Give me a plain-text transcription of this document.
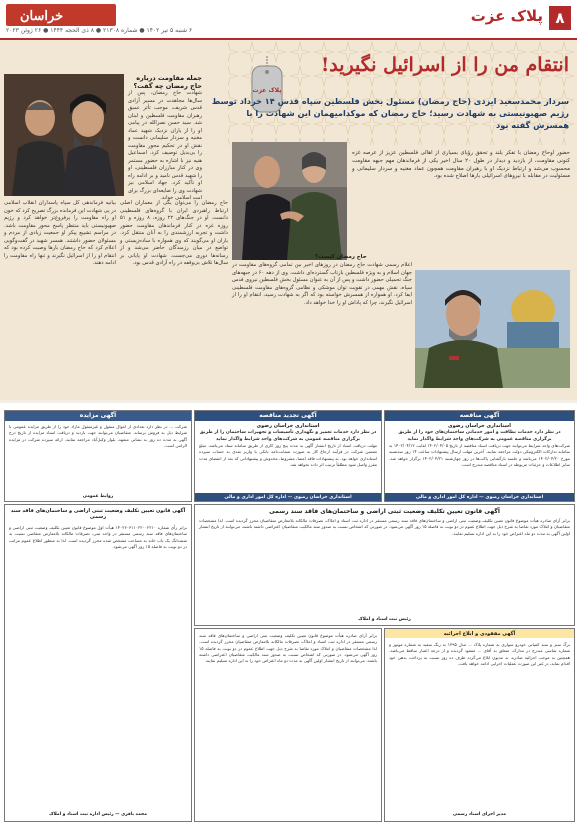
۸
پلاک عزت
خراسان
۶ شنبه ۵ تیر ۱۴۰۲ ● شماره ۲۱۳۰۸ ● ۸ ذی الحجه ۱۴۴۴ ● ۲۶ ژوئن ۲۰۲۳
انتقام من را از اسرائیل نگیرید!
پلاک عزت
سردار محمدسعید ایزدی (حاج رمضان) مسئول بخش فلسطین سپاه قدس ۱۴ خرداد توسط رژیم صهیونیستی به شهادت رسید؛ حاج رمضان که موکدامیهمان این شهادت را با همسرش گفته بود
حضور اوحاج رمضان با تفکر بلند و تحقق رؤیای بسیاری از اهالی فلسطین عزیز از عرصه غزه کنونی مقاومت، از بازدید و دیدار در طول ۲۰ سال اخیر یکی از فرماندهان مهم جبهه مقاومت محسوب می‌شد و ارتباط نزدیک او با رهبران مقاومت همچون عماد مغنیه و سردار سلیمانی و مسئولیت در مقابله با نیروهای اسرائیلی بارها اصلاح شده بود.
حاج رمضان کیست؟
اعلام رسمی شهادت حاج رمضان در روزهای اخیر بین تمامی گروه‌های مقاومت در جهان اسلام و به ویژه فلسطین بازتاب گسترده‌ای داشت. وی از دهه ۶۰ در جبهه‌های جنگ تحمیلی حضور داشت و پس از آن به عنوان مسئول بخش فلسطین نیروی قدس سپاه، نقش مهمی در تقویت توان موشکی و نظامی گروه‌های مقاومت فلسطینی ایفا کرد. او همواره از همسرش خواسته بود که اگر به شهادت رسید، انتقام او را از اسرائیل نگیرند، چرا که پاداش او را خدا خواهد داد.
جمله مقاومت درباره حاج رمضان چه گفت؟
شهادت حاج رمضان، پس از سال‌ها مجاهدت در مسیر آزادی قدس شریف، موجب تأثر عمیق رهبران مقاومت فلسطین و لبنان شد. سید حسن نصرالله در پیامی او را از یاران نزدیک شهید عماد مغنیه و سردار سلیمانی دانست و نقش او در تحکیم محور مقاومت را بی‌بدیل توصیف کرد. اسماعیل هنیه نیز با اشاره به حضور مستمر وی در کنار مبارزان فلسطینی، او را شهید قدس نامید و بر ادامه راه او تأکید کرد. جهاد اسلامی نیز شهادت وی را ضایعه‌ای بزرگ برای امت اسلامی خواند.
بیانیه فرماندهی کل سپاه پاسداران انقلاب اسلامی در پی شهادت این فرمانده بزرگ تصریح کرد که خون او راه مقاومت را پرفروغ‌تر خواهد کرد و رژیم صهیونیستی باید منتظر پاسخ محور مقاومت باشد. در مراسم تشییع پیکر او جمعیت زیادی از مردم و مسئولان حضور داشتند. همسر شهید در گفت‌وگویی اعلام کرد که حاج رمضان بارها وصیت کرده بود که انتقام او را از اسرائیل نگیرند و تنها راه مقاومت را ادامه دهند.
حاج رمضان را می‌توان یکی از معماران اصلی ارتباط راهبردی ایران با گروه‌های فلسطینی دانست. او در جنگ‌های ۲۲ روزه، ۸ روزه و ۵۱ روزه غزه در کنار فرماندهان مقاومت حضور داشت و تجربه ارزشمندی را به آنان منتقل کرد. یاران او می‌گویند که وی همواره با ساده‌زیستی و تواضع در میان رزمندگان حاضر می‌شد و از رسانه‌ها دوری می‌جست. شهادت او پایانی بر سال‌ها تلاش بی‌وقفه در راه آزادی قدس بود.
آگهی مزایده
شرکت ... در نظر دارد تعدادی از اموال منقول و غیرمنقول مازاد خود را از طریق مزایده عمومی با شرایط ذیل به فروش برساند. متقاضیان می‌توانند جهت بازدید و دریافت اسناد مزایده از تاریخ درج آگهی به مدت ده روز به نشانی مشهد، بلوار وکیل‌آباد مراجعه نمایند. ارائه سپرده شرکت در مزایده الزامی است.
روابط عمومی
آگهی تجدید مناقصه
استانداری خراسان رضوی
در نظر دارد خدمات تعمیر و نگهداری تأسیسات و تجهیزات ساختمان را از طریق برگزاری مناقصه عمومی به شرکت‌های واجد شرایط واگذار نماید
مهلت دریافت اسناد از تاریخ انتشار آگهی به مدت پنج روز کاری از طریق سامانه ستاد می‌باشد. مبلغ تضمین شرکت در فرآیند ارجاع کار به صورت ضمانت‌نامه بانکی یا واریز نقدی به حساب سپرده استانداری خواهد بود. به پیشنهادات فاقد امضا، مشروط، مخدوش و پیشنهاداتی که بعد از انقضای مدت مقرر واصل شود مطلقاً ترتیب اثر داده نخواهد شد.
استانداری خراسان رضوی — اداره کل امور اداری و مالی
آگهی مناقصه
استانداری خراسان رضوی
در نظر دارد خدمات نظافت و امور خدماتی ساختمان‌های خود را از طریق برگزاری مناقصه عمومی به شرکت‌های واجد شرایط واگذار نماید
شرکت‌های واجد شرایط می‌توانند جهت دریافت اسناد مناقصه از تاریخ ۱۴۰۲/۰۴/۰۵ لغایت ۱۴۰۲/۰۴/۱۲ به سامانه تدارکات الکترونیکی دولت مراجعه نمایند. آخرین مهلت ارسال پیشنهادات ساعت ۱۴ روز سه‌شنبه مورخ ۱۴۰۲/۰۴/۲۰ می‌باشد و جلسه بازگشایی پاکت‌ها در روز چهارشنبه ۱۴۰۲/۰۴/۲۱ برگزار خواهد شد. سایر اطلاعات و جزئیات مربوطه در اسناد مناقصه مندرج است.
استانداری خراسان رضوی — اداره کل امور اداری و مالی
آگهی قانون تعیین تکلیف وضعیت ثبتی اراضی و ساختمان‌های فاقد سند رسمی
برابر آرای صادره هیأت موضوع قانون تعیین تکلیف وضعیت ثبتی اراضی و ساختمان‌های فاقد سند رسمی مستقر در اداره ثبت اسناد و املاک، تصرفات مالکانه بلامعارض متقاضیان محرز گردیده است. لذا مشخصات متقاضیان و املاک مورد تقاضا به شرح ذیل جهت اطلاع عموم در دو نوبت به فاصله ۱۵ روز آگهی می‌شود. در صورتی که اشخاص نسبت به صدور سند مالکیت متقاضیان اعتراضی داشته باشند، می‌توانند از تاریخ انتشار اولین آگهی به مدت دو ماه اعتراض خود را به این اداره تسلیم نمایند.
رئیس ثبت اسناد و املاک
آگهی قانون تعیین تکلیف وضعیت ثبتی اراضی و ساختمان‌های فاقد سند رسمی
برابر رأی شماره ۱۴۰۲۶۰۳۱۱۰۲۲۰۰۲۲۱۰ هیأت اول موضوع قانون تعیین تکلیف وضعیت ثبتی اراضی و ساختمان‌های فاقد سند رسمی مستقر در واحد ثبتی، تصرفات مالکانه بلامعارض متقاضی نسبت به ششدانگ یک باب خانه به مساحت مشخص شده محرز گردیده است. لذا به منظور اطلاع عموم مراتب در دو نوبت به فاصله ۱۵ روز آگهی می‌شود.
محمد باقری — رئیس اداره ثبت اسناد و املاک
آگهی مفقودی و ابلاغ اجرائیه
برگ سبز و سند کمپانی خودرو سواری به شماره پلاک ... مدل ۱۳۹۵ به رنگ سفید به شماره موتور و شماره شاسی مندرج در مدارک، متعلق به آقای ... مفقود گردیده و از درجه اعتبار ساقط می‌باشد. همچنین به موجب اجرائیه صادره، به مدیون ابلاغ می‌گردد ظرف ده روز نسبت به پرداخت بدهی خود اقدام نماید، در غیر این صورت عملیات اجرایی ادامه خواهد یافت.
مدیر اجرای اسناد رسمی
برابر آرای صادره هیأت موضوع قانون تعیین تکلیف وضعیت ثبتی اراضی و ساختمان‌های فاقد سند رسمی مستقر در اداره ثبت اسناد و املاک، تصرفات مالکانه بلامعارض متقاضیان محرز گردیده است. لذا مشخصات متقاضیان و املاک مورد تقاضا به شرح ذیل جهت اطلاع عموم در دو نوبت به فاصله ۱۵ روز آگهی می‌شود. در صورتی که اشخاص نسبت به صدور سند مالکیت متقاضیان اعتراضی داشته باشند، می‌توانند از تاریخ انتشار اولین آگهی به مدت دو ماه اعتراض خود را به این اداره تسلیم نمایند.
